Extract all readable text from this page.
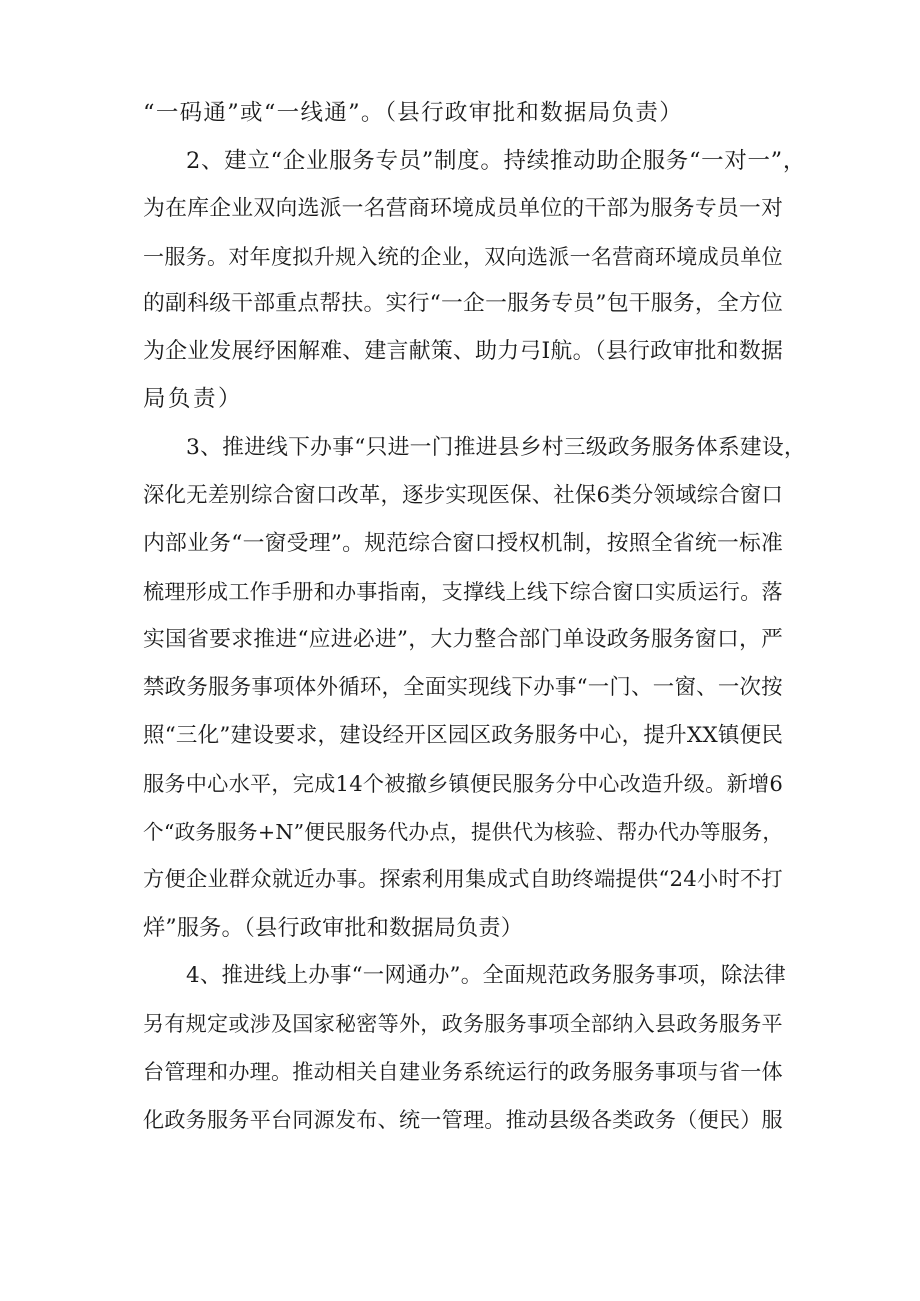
“一码通”或“一线通”。（县行政审批和数据局负责）
2、建立“企业服务专员”制度。持续推动助企服务“一对一”，
为在库企业双向选派一名营商环境成员单位的干部为服务专员一对
一服务。对年度拟升规入统的企业，双向选派一名营商环境成员单位
的副科级干部重点帮扶。实行“一企一服务专员”包干服务，全方位
为企业发展纾困解难、建言献策、助力弓I航。（县行政审批和数据
局负责）
3、推进线下办事“只进一门推进县乡村三级政务服务体系建设，
深化无差别综合窗口改革，逐步实现医保、社保6类分领域综合窗口
内部业务“一窗受理”。规范综合窗口授权机制，按照全省统一标准
梳理形成工作手册和办事指南，支撑线上线下综合窗口实质运行。落
实国省要求推进“应进必进”，大力整合部门单设政务服务窗口，严
禁政务服务事项体外循环，全面实现线下办事“一门、一窗、一次按
照“三化”建设要求，建设经开区园区政务服务中心，提升XX镇便民
服务中心水平，完成14个被撤乡镇便民服务分中心改造升级。新增6
个“政务服务+N”便民服务代办点，提供代为核验、帮办代办等服务，
方便企业群众就近办事。探索利用集成式自助终端提供“24小时不打
烊”服务。（县行政审批和数据局负责）
4、推进线上办事“一网通办”。全面规范政务服务事项，除法律
另有规定或涉及国家秘密等外，政务服务事项全部纳入县政务服务平
台管理和办理。推动相关自建业务系统运行的政务服务事项与省一体
化政务服务平台同源发布、统一管理。推动县级各类政务（便民）服
